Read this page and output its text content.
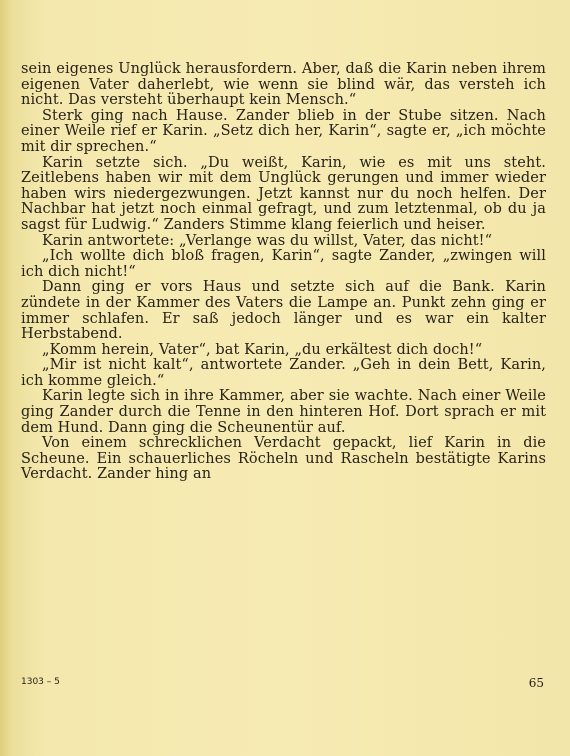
sein eigenes Unglück herausfordern. Aber, daß die Karin neben ihrem eigenen Vater daherlebt, wie wenn sie blind wär, das versteh ich nicht. Das versteht überhaupt kein Mensch.“

Sterk ging nach Hause. Zander blieb in der Stube sitzen. Nach einer Weile rief er Karin. „Setz dich her, Karin“, sagte er, „ich möchte mit dir sprechen.“

Karin setzte sich. „Du weißt, Karin, wie es mit uns steht. Zeitlebens haben wir mit dem Unglück gerungen und immer wieder haben wirs niedergezwungen. Jetzt kannst nur du noch helfen. Der Nachbar hat jetzt noch einmal gefragt, und zum letztenmal, ob du ja sagst für Ludwig.“ Zanders Stimme klang feierlich und heiser.

Karin antwortete: „Verlange was du willst, Vater, das nicht!“

„Ich wollte dich bloß fragen, Karin“, sagte Zander, „zwingen will ich dich nicht!“

Dann ging er vors Haus und setzte sich auf die Bank. Karin zündete in der Kammer des Vaters die Lampe an. Punkt zehn ging er immer schlafen. Er saß jedoch länger und es war ein kalter Herbstabend.

„Komm herein, Vater“, bat Karin, „du erkältest dich doch!“

„Mir ist nicht kalt“, antwortete Zander. „Geh in dein Bett, Karin, ich komme gleich.“

Karin legte sich in ihre Kammer, aber sie wachte. Nach einer Weile ging Zander durch die Tenne in den hinteren Hof. Dort sprach er mit dem Hund. Dann ging die Scheunentür auf.

Von einem schrecklichen Verdacht gepackt, lief Karin in die Scheune. Ein schauerliches Röcheln und Rascheln bestätigte Karins Verdacht. Zander hing an

1303 – 5	65
